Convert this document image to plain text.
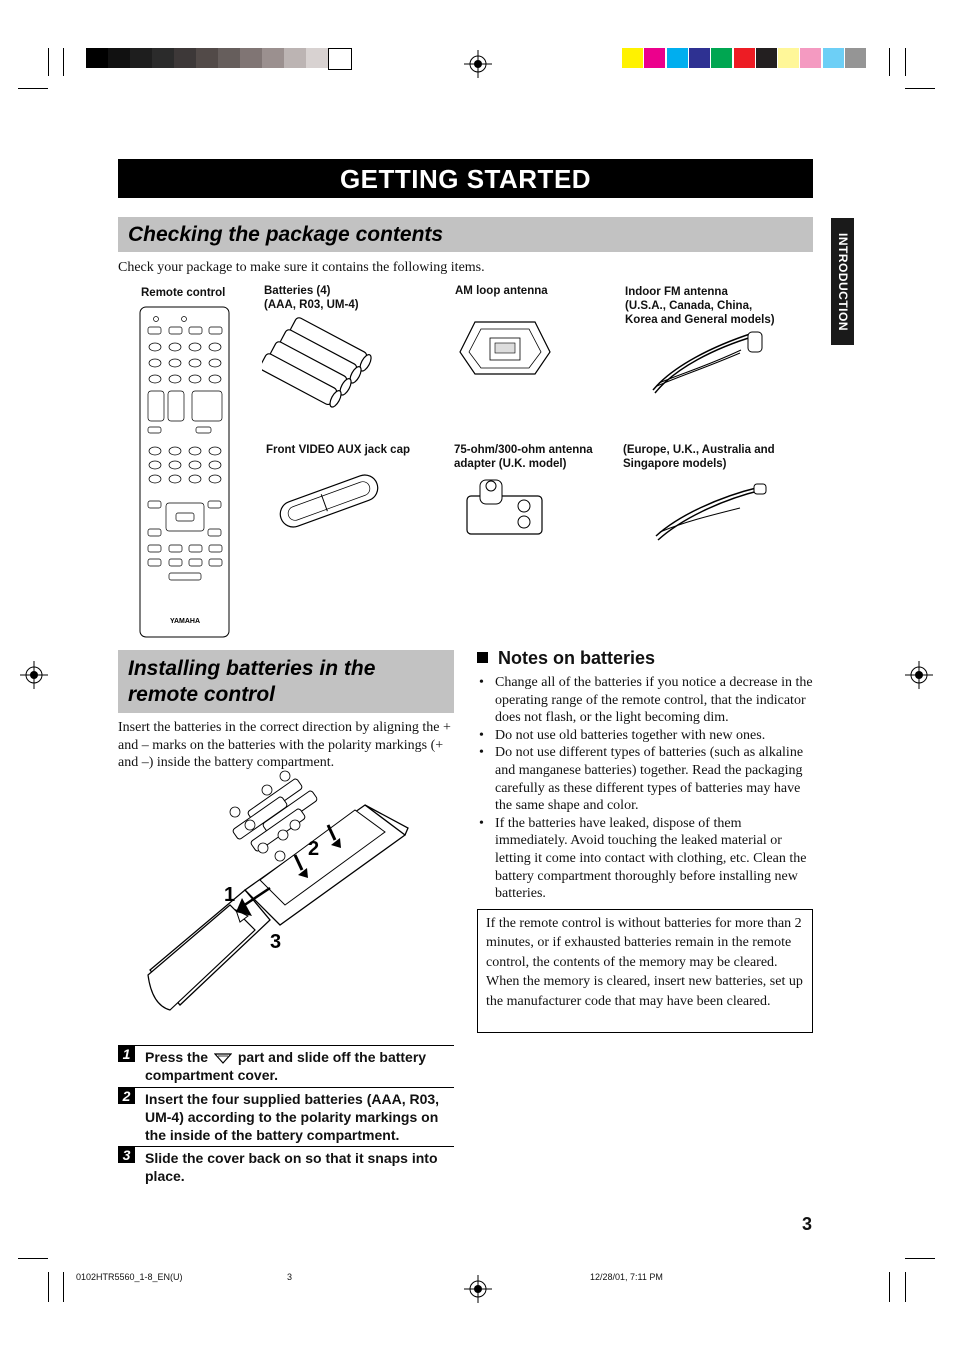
GETTING STARTED
INTRODUCTION
Checking the package contents
Check your package to make sure it contains the following items.
Remote control	Batteries (4)
(AAA, R03, UM-4)
AM loop antenna	Indoor FM antenna
(U.S.A., Canada, China,
Korea and General models)
Front VIDEO AUX jack cap	75-ohm/300-ohm antenna
adapter (U.K. model)
(Europe, U.K., Australia and
Singapore models)
YAMAHA
Installing batteries in the remote control
Insert the batteries in the correct direction by aligning the + and – marks on the batteries with the polarity markings (+ and –) inside the battery compartment.
1
2
3
1	Press the part and slide off the battery compartment cover.
2	Insert the four supplied batteries (AAA, R03, UM-4) according to the polarity markings on the inside of the battery compartment.
3	Slide the cover back on so that it snaps into place.
Notes on batteries
• Change all of the batteries if you notice a decrease in the operating range of the remote control, that the indicator does not flash, or the light becoming dim.
• Do not use old batteries together with new ones.
• Do not use different types of batteries (such as alkaline and manganese batteries) together. Read the packaging carefully as these different types of batteries may have the same shape and color.
• If the batteries have leaked, dispose of them immediately. Avoid touching the leaked material or letting it come into contact with clothing, etc. Clean the battery compartment thoroughly before installing new batteries.
If the remote control is without batteries for more than 2 minutes, or if exhausted batteries remain in the remote control, the contents of the memory may be cleared. When the memory is cleared, insert new batteries, set up the manufacturer code that may have been cleared.
3
0102HTR5560_1-8_EN(U)	3	12/28/01, 7:11 PM
